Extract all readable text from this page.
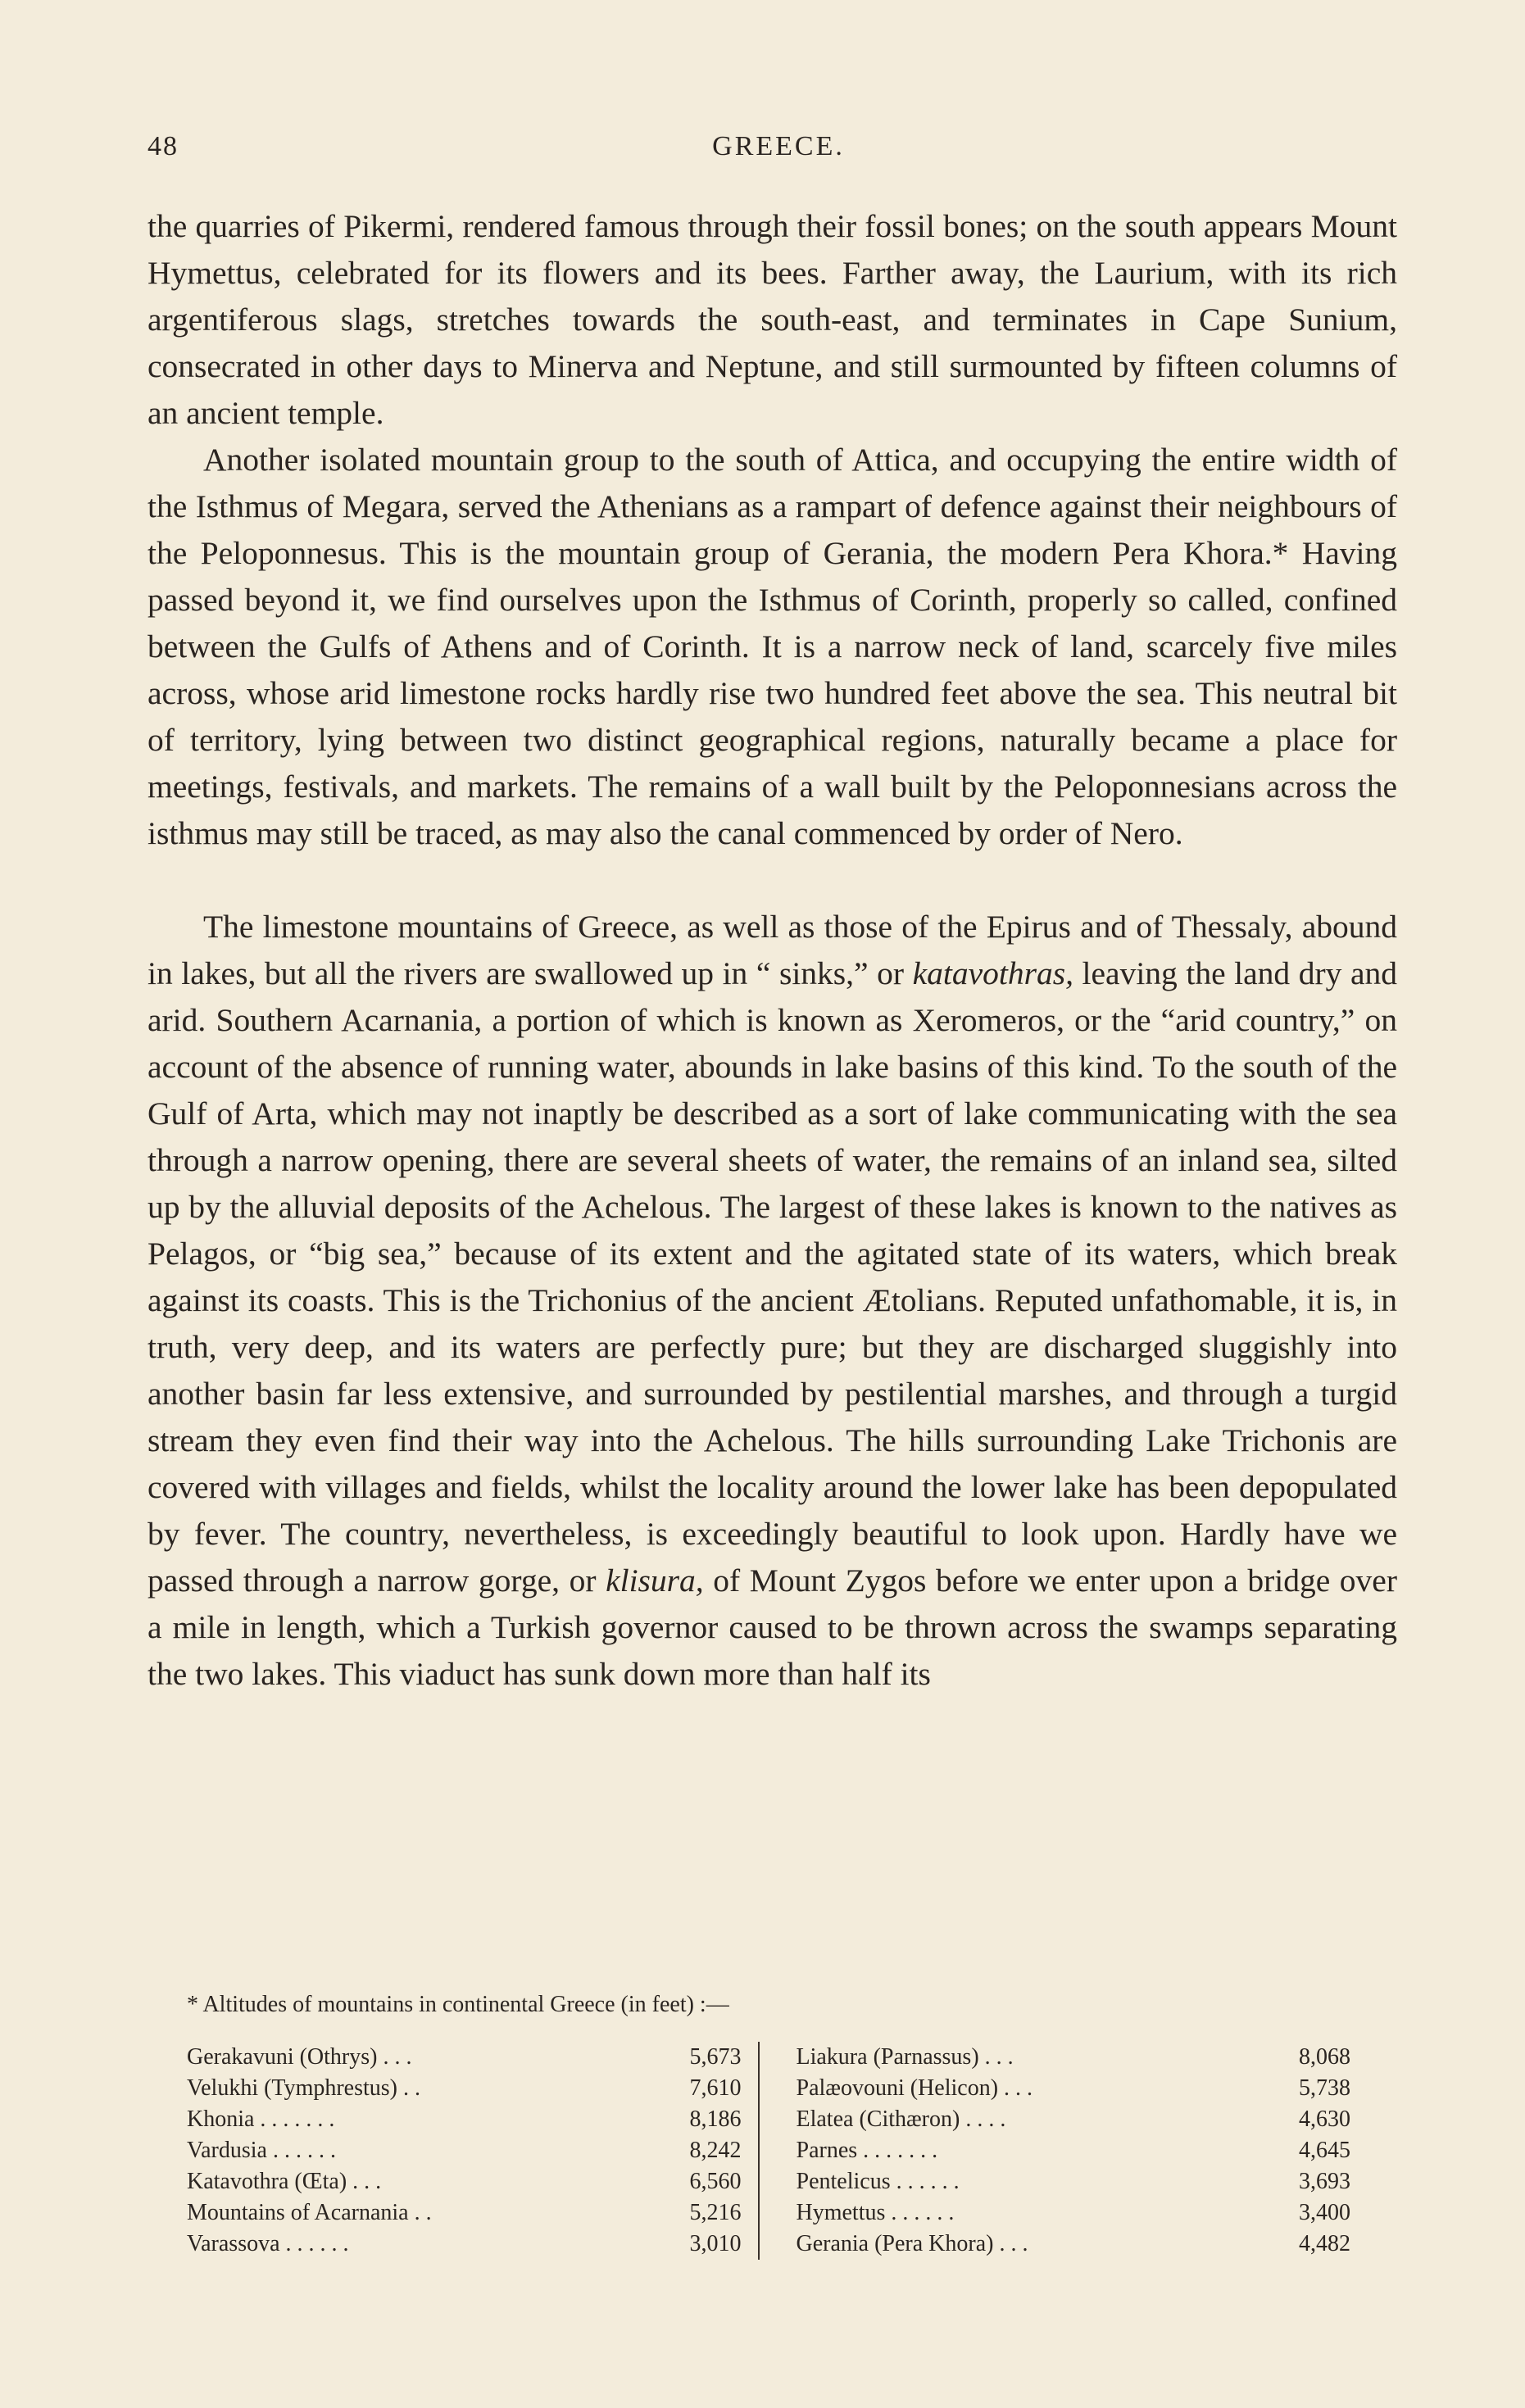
48	GREECE.

the quarries of Pikermi, rendered famous through their fossil bones; on the south appears Mount Hymettus, celebrated for its flowers and its bees. Farther away, the Laurium, with its rich argentiferous slags, stretches towards the south-east, and terminates in Cape Sunium, consecrated in other days to Minerva and Neptune, and still surmounted by fifteen columns of an ancient temple.

Another isolated mountain group to the south of Attica, and occupying the entire width of the Isthmus of Megara, served the Athenians as a rampart of defence against their neighbours of the Peloponnesus. This is the mountain group of Gerania, the modern Pera Khora.* Having passed beyond it, we find ourselves upon the Isthmus of Corinth, properly so called, confined between the Gulfs of Athens and of Corinth. It is a narrow neck of land, scarcely five miles across, whose arid limestone rocks hardly rise two hundred feet above the sea. This neutral bit of territory, lying between two distinct geographical regions, naturally became a place for meetings, festivals, and markets. The remains of a wall built by the Peloponnesians across the isthmus may still be traced, as may also the canal commenced by order of Nero.

The limestone mountains of Greece, as well as those of the Epirus and of Thessaly, abound in lakes, but all the rivers are swallowed up in “ sinks,” or katavothras, leaving the land dry and arid. Southern Acarnania, a portion of which is known as Xeromeros, or the “arid country,” on account of the absence of running water, abounds in lake basins of this kind. To the south of the Gulf of Arta, which may not inaptly be described as a sort of lake communicating with the sea through a narrow opening, there are several sheets of water, the remains of an inland sea, silted up by the alluvial deposits of the Achelous. The largest of these lakes is known to the natives as Pelagos, or “big sea,” because of its extent and the agitated state of its waters, which break against its coasts. This is the Trichonius of the ancient Ætolians. Reputed unfathomable, it is, in truth, very deep, and its waters are perfectly pure; but they are discharged sluggishly into another basin far less extensive, and surrounded by pestilential marshes, and through a turgid stream they even find their way into the Achelous. The hills surrounding Lake Trichonis are covered with villages and fields, whilst the locality around the lower lake has been depopulated by fever. The country, nevertheless, is exceedingly beautiful to look upon. Hardly have we passed through a narrow gorge, or klisura, of Mount Zygos before we enter upon a bridge over a mile in length, which a Turkish governor caused to be thrown across the swamps separating the two lakes. This viaduct has sunk down more than half its

* Altitudes of mountains in continental Greece (in feet) :—

Gerakavuni (Othrys) . . .	5,673
Velukhi (Tymphrestus) . .	7,610
Khonia . . . . . . .	8,186
Vardusia . . . . . .	8,242
Katavothra (Œta) . . .	6,560
Mountains of Acarnania . .	5,216
Varassova . . . . . .	3,010
Liakura (Parnassus) . . .	8,068
Palæovouni (Helicon) . . .	5,738
Elatea (Cithæron) . . . .	4,630
Parnes . . . . . . .	4,645
Pentelicus . . . . . .	3,693
Hymettus . . . . . .	3,400
Gerania (Pera Khora) . . .	4,482
